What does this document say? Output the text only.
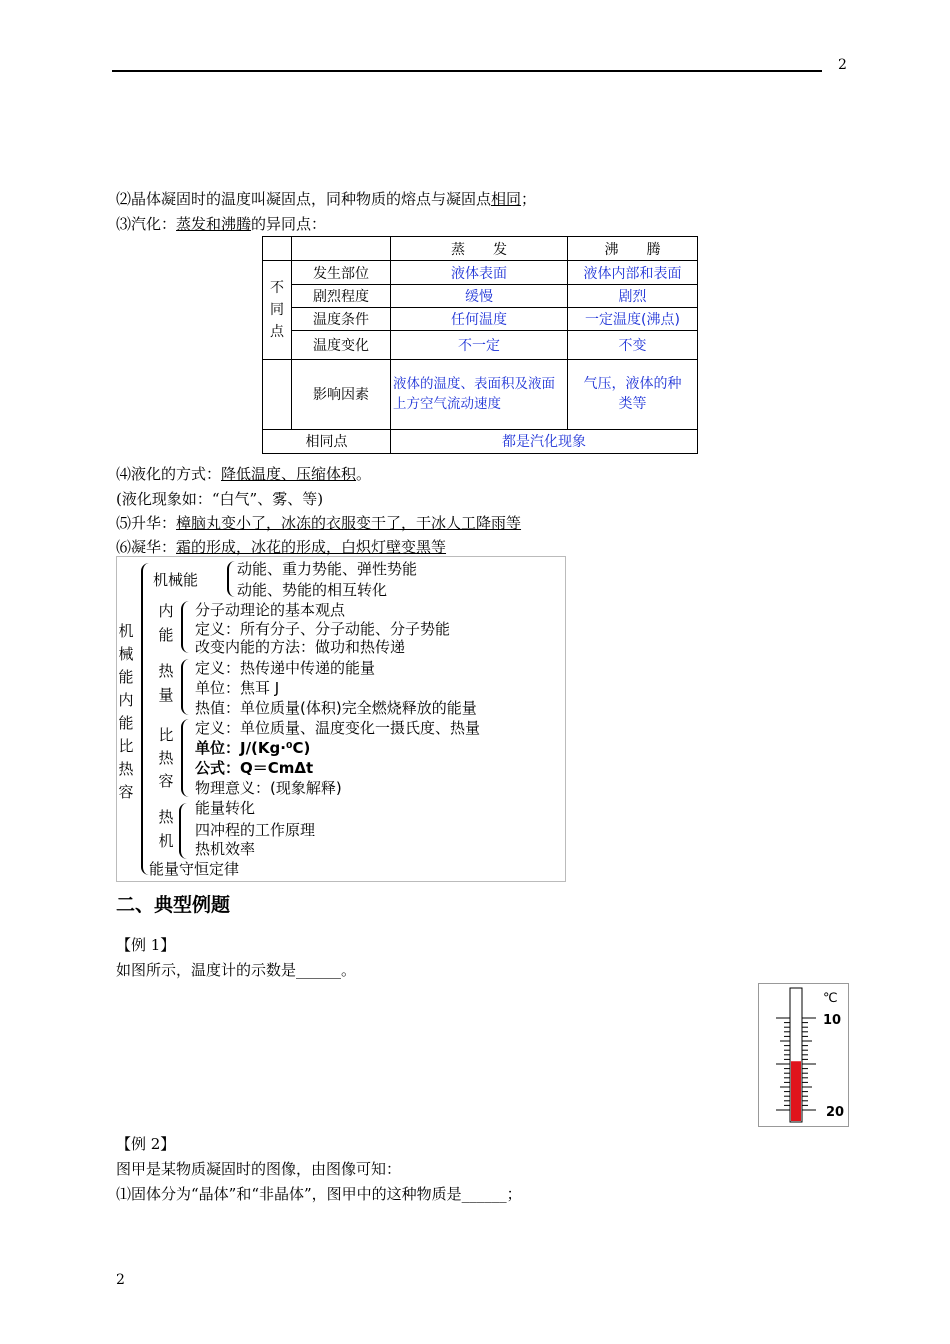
2
2
⑵晶体凝固时的温度叫凝固点，同种物质的熔点与凝固点相同；
⑶汽化：蒸发和沸腾的异同点：
		蒸　　发	沸　　腾

不
同
点	发生部位	液体表面	液体内部和表面
	剧烈程度	缓慢	剧烈
	温度条件	任何温度	一定温度(沸点)
	温度变化	不一定	不变
	影响因素	液体的温度、表面积及液面上方空气流动速度	气压，液体的种类等
相同点		都是汽化现象	
⑷液化的方式：降低温度、压缩体积。
(液化现象如：“白气”、雾、等)
⑸升华：樟脑丸变小了，冰冻的衣服变干了，干冰人工降雨等
⑹凝华：霜的形成，冰花的形成，白炽灯壁变黑等
机
械
能
内
能
比
热
容
机械能
动能、重力势能、弹性势能
动能、势能的相互转化
内
能
分子动理论的基本观点
定义：所有分子、分子动能、分子势能
改变内能的方法：做功和热传递
热
量
定义：热传递中传递的能量
单位：焦耳 J
热值：单位质量(体积)完全燃烧释放的能量
比
热
容
定义：单位质量、温度变化一摄氏度、热量
单位：J/(Kg·⁰C)
公式：Q＝CmΔt
物理意义：(现象解释)
热
机
能量转化
四冲程的工作原理
热机效率
能量守恒定律
二、典型例题
【例 1】
如图所示，温度计的示数是______。
℃
10
20
【例 2】
图甲是某物质凝固时的图像，由图像可知：
⑴固体分为“晶体”和“非晶体”，图甲中的这种物质是______；
